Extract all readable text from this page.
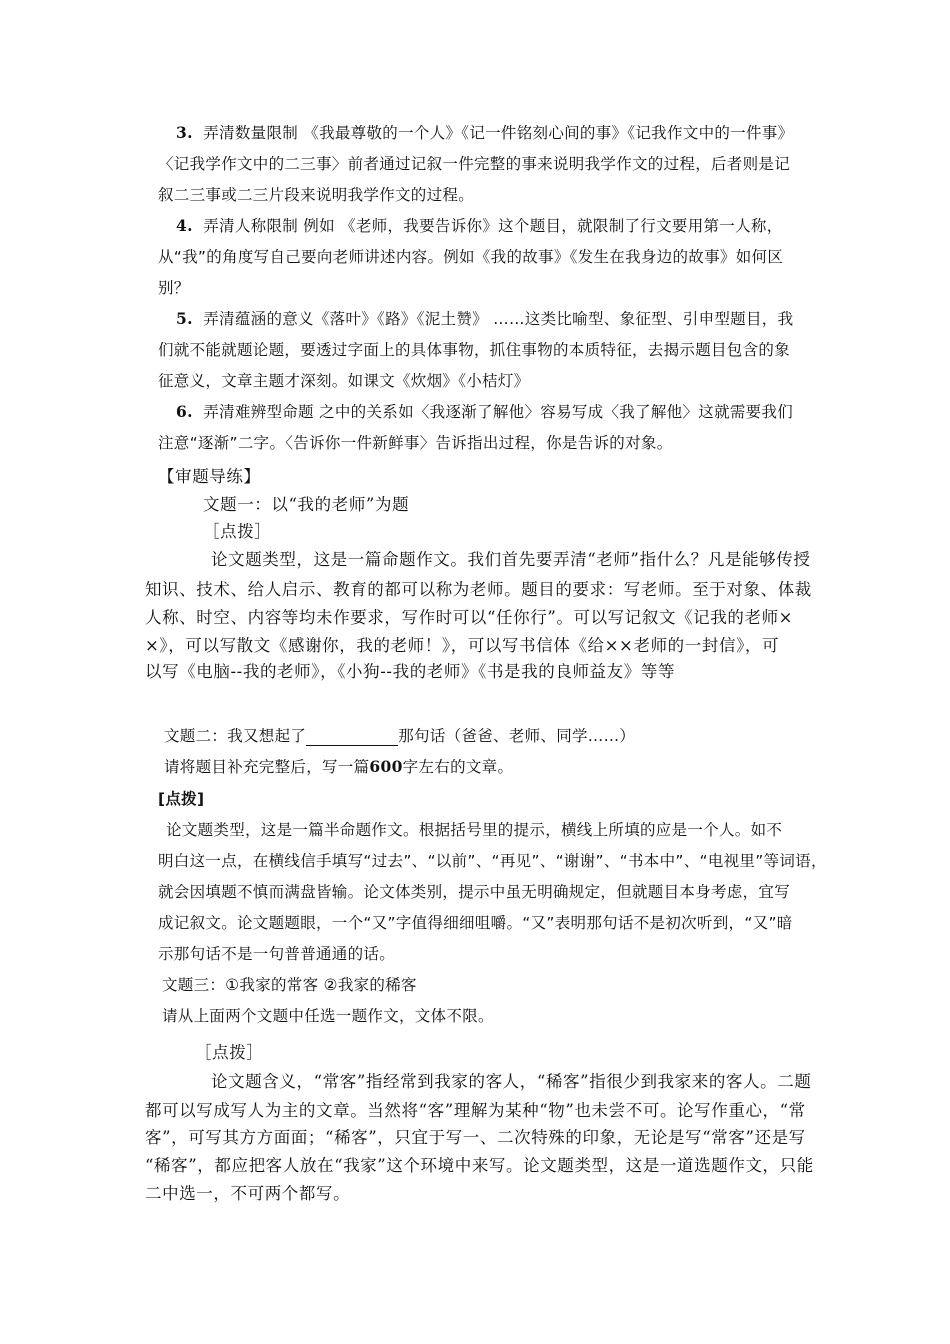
3. 弄清数量限制 《我最尊敬的一个人》《记一件铭刻心间的事》《记我作文中的一件事》
〈记我学作文中的二三事〉前者通过记叙一件完整的事来说明我学作文的过程，后者则是记
叙二三事或二三片段来说明我学作文的过程。
4. 弄清人称限制 例如 《老师，我要告诉你》这个题目，就限制了行文要用第一人称，
从“我”的角度写自己要向老师讲述内容。例如《我的故事》《发生在我身边的故事》如何区
别？
5. 弄清蕴涵的意义《落叶》《路》《泥土赞》 ……这类比喻型、象征型、引申型题目，我
们就不能就题论题，要透过字面上的具体事物，抓住事物的本质特征，去揭示题目包含的象
征意义，文章主题才深刻。如课文《炊烟》《小桔灯》
6. 弄清难辨型命题 之中的关系如〈我逐渐了解他〉容易写成〈我了解他〉这就需要我们
注意“逐渐”二字。〈告诉你一件新鲜事〉告诉指出过程，你是告诉的对象。
【审题导练】
文题一：以“我的老师”为题
［点拨］
论文题类型，这是一篇命题作文。我们首先要弄清“老师”指什么？凡是能够传授
知识、技术、给人启示、教育的都可以称为老师。题目的要求：写老师。至于对象、体裁
人称、时空、内容等均未作要求，写作时可以“任你行”。可以写记叙文《记我的老师×
×》，可以写散文《感谢你，我的老师！》，可以写书信体《给××老师的一封信》，可
以写《电脑--我的老师》，《小狗--我的老师》《书是我的良师益友》等等
文题二：我又想起了	那句话（爸爸、老师、同学……）
请将题目补充完整后，写一篇600字左右的文章。
[点拨]
论文题类型，这是一篇半命题作文。根据括号里的提示，横线上所填的应是一个人。如不
明白这一点，在横线信手填写“过去”、“以前”、“再见”、“谢谢”、“书本中”、“电视里”等词语，
就会因填题不慎而满盘皆输。论文体类别，提示中虽无明确规定，但就题目本身考虑，宜写
成记叙文。论文题题眼，一个“又”字值得细细咀嚼。“又”表明那句话不是初次听到，“又”暗
示那句话不是一句普普通通的话。
文题三：①我家的常客 ②我家的稀客
请从上面两个文题中任选一题作文，文体不限。
［点拨］
论文题含义，“常客”指经常到我家的客人，“稀客”指很少到我家来的客人。二题
都可以写成写人为主的文章。当然将“客”理解为某种“物”也未尝不可。论写作重心，“常
客”，可写其方方面面；“稀客”，只宜于写一、二次特殊的印象，无论是写“常客”还是写
“稀客”，都应把客人放在“我家”这个环境中来写。论文题类型，这是一道选题作文，只能
二中选一，不可两个都写。
